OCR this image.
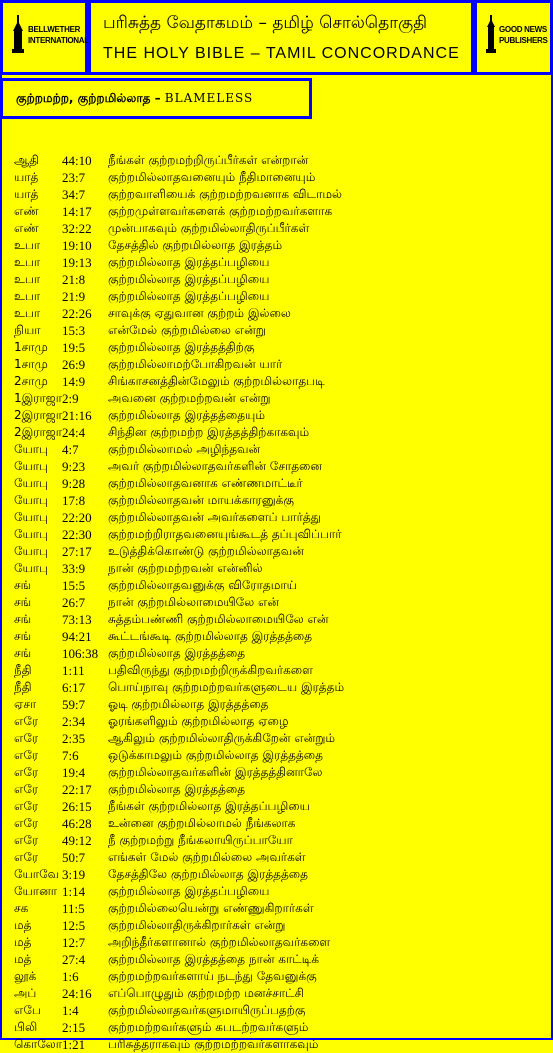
BELLWETHER
INTERNATIONAL
பரிசுத்த வேதாகமம் – தமிழ் சொல்தொகுதி
THE HOLY BIBLE – TAMIL CONCORDANCE
GOOD NEWS
PUBLISHERS
குற்றமற்ற, குற்றமில்லாத – BLAMELESS
ஆதி 44:10 நீங்கள் குற்றமற்றிருப்பீர்கள் என்றான்
யாத் 23:7 குற்றமில்லாதவனையும் நீதிமானையும்
யாத் 34:7 குற்றவாளியைக் குற்றமற்றவனாக விடாமல்
எண் 14:17 குற்றமுள்ளவர்களைக் குற்றமற்றவர்களாக
எண் 32:22 முன்பாகவும் குற்றமில்லாதிருப்பீர்கள்
உபா 19:10 தேசத்தில் குற்றமில்லாத இரத்தம்
உபா 19:13 குற்றமில்லாத இரத்தப்பழியை
உபா 21:8 குற்றமில்லாத இரத்தப்பழியை
உபா 21:9 குற்றமில்லாத இரத்தப்பழியை
உபா 22:26 சாவுக்கு ஏதுவான குற்றம் இல்லை
நியா 15:3 என்மேல் குற்றமில்லை என்று
1சாமு 19:5 குற்றமில்லாத இரத்தத்திற்கு
1சாமு 26:9 குற்றமில்லாமற்போகிறவன் யார்
2சாமு 14:9 சிங்காசனத்தின்மேலும் குற்றமில்லாதபடி
1இராஜா 2:9 அவனை குற்றமற்றவன் என்று
2இராஜா 21:16 குற்றமில்லாத இரத்தத்தையும்
2இராஜா 24:4 சிந்தின குற்றமற்ற இரத்தத்திற்காகவும்
யோபு 4:7 குற்றமில்லாமல் அழிந்தவன்
யோபு 9:23 அவர் குற்றமில்லாதவர்களின் சோதனை
யோபு 9:28 குற்றமில்லாதவனாக எண்ணமாட்டீர்
யோபு 17:8 குற்றமில்லாதவன் மாயக்காரனுக்கு
யோபு 22:20 குற்றமில்லாதவன் அவர்களைப் பார்த்து
யோபு 22:30 குற்றமற்றிராதவனையுங்கூடத் தப்புவிப்பார்
யோபு 27:17 உடுத்திக்கொண்டு குற்றமில்லாதவன்
யோபு 33:9 நான் குற்றமற்றவன் என்னில்
சங் 15:5 குற்றமில்லாதவனுக்கு விரோதமாய்
சங் 26:7 நான் குற்றமில்லாமையிலே என்
சங் 73:13 சுத்தம்பண்ணி குற்றமில்லாமையிலே என்
சங் 94:21 கூட்டங்கூடி குற்றமில்லாத இரத்தத்தை
சங் 106:38 குற்றமில்லாத இரத்தத்தை
நீதி 1:11 பதிவிருந்து குற்றமற்றிருக்கிறவர்களை
நீதி 6:17 பொய்நாவு குற்றமற்றவர்களுடைய இரத்தம்
ஏசா 59:7 ஓடி குற்றமில்லாத இரத்தத்தை
எரே 2:34 ஓரங்களிலும் குற்றமில்லாத ஏழை
எரே 2:35 ஆகிலும் குற்றமில்லாதிருக்கிறேன் என்றும்
எரே 7:6 ஒடுக்காமலும் குற்றமில்லாத இரத்தத்தை
எரே 19:4 குற்றமில்லாதவர்களின் இரத்தத்தினாலே
எரே 22:17 குற்றமில்லாத இரத்தத்தை
எரே 26:15 நீங்கள் குற்றமில்லாத இரத்தப்பழியை
எரே 46:28 உன்னை குற்றமில்லாமல் நீங்கலாக
எரே 49:12 நீ குற்றமற்று நீங்கலாயிருப்பாயோ
எரே 50:7 எங்கள் மேல் குற்றமில்லை அவர்கள்
யோவே 3:19 தேசத்திலே குற்றமில்லாத இரத்தத்தை
யோனா 1:14 குற்றமில்லாத இரத்தப்பழியை
சக	11:5 குற்றமில்லையென்று எண்ணுகிறார்கள்
மத் 12:5 குற்றமில்லாதிருக்கிறார்கள் என்று
மத் 12:7 அறிந்தீர்களானால் குற்றமில்லாதவர்களை
மத் 27:4 குற்றமில்லாத இரத்தத்தை நான் காட்டிக்
லூக் 1:6 குற்றமற்றவர்களாய் நடந்து தேவனுக்கு
அப் 24:16 எப்பொழுதும் குற்றமற்ற மனச்சாட்சி
எபே 1:4 குற்றமில்லாதவர்களுமாயிருப்பதற்கு
பிலி 2:15 குற்றமற்றவர்களும் கபடற்றவர்களும்
கொலோ 1:21 பரிசுத்தராகவும் குற்றமற்றவர்களாகவும்
